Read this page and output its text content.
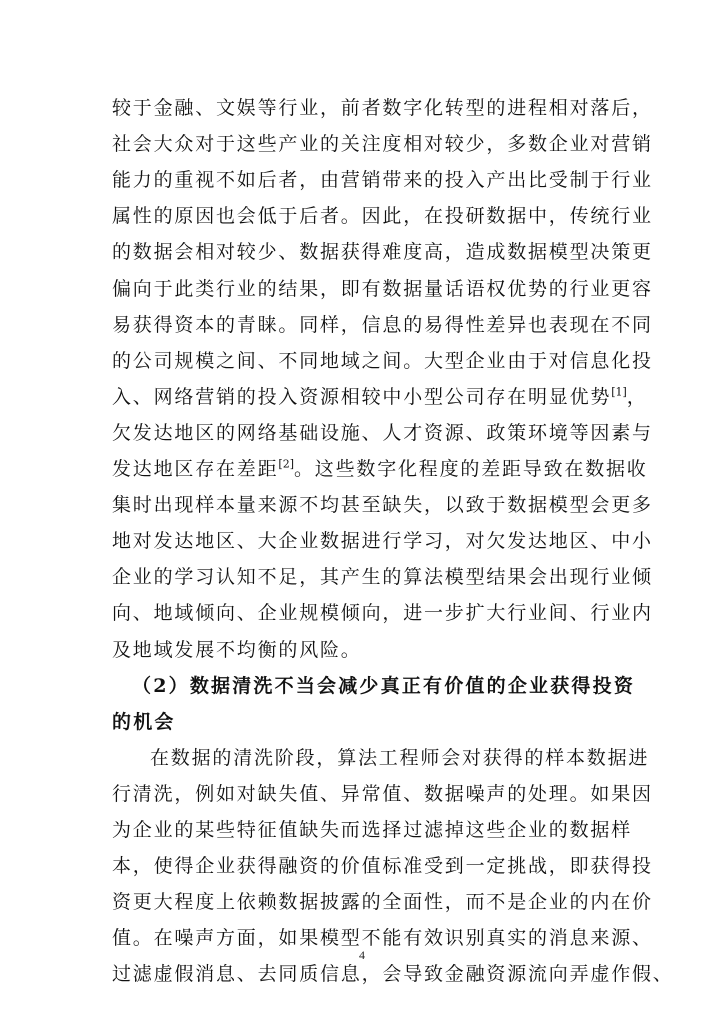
较于金融、文娱等行业，前者数字化转型的进程相对落后，
社会大众对于这些产业的关注度相对较少，多数企业对营销
能力的重视不如后者，由营销带来的投入产出比受制于行业
属性的原因也会低于后者。因此，在投研数据中，传统行业
的数据会相对较少、数据获得难度高，造成数据模型决策更
偏向于此类行业的结果，即有数据量话语权优势的行业更容
易获得资本的青睐。同样，信息的易得性差异也表现在不同
的公司规模之间、不同地域之间。大型企业由于对信息化投
入、网络营销的投入资源相较中小型公司存在明显优势[1]，
欠发达地区的网络基础设施、人才资源、政策环境等因素与
发达地区存在差距[2]。这些数字化程度的差距导致在数据收
集时出现样本量来源不均甚至缺失，以致于数据模型会更多
地对发达地区、大企业数据进行学习，对欠发达地区、中小
企业的学习认知不足，其产生的算法模型结果会出现行业倾
向、地域倾向、企业规模倾向，进一步扩大行业间、行业内
及地域发展不均衡的风险。
（2）数据清洗不当会减少真正有价值的企业获得投资
的机会
在数据的清洗阶段，算法工程师会对获得的样本数据进
行清洗，例如对缺失值、异常值、数据噪声的处理。如果因
为企业的某些特征值缺失而选择过滤掉这些企业的数据样
4
本，使得企业获得融资的价值标准受到一定挑战，即获得投
资更大程度上依赖数据披露的全面性，而不是企业的内在价
值。在噪声方面，如果模型不能有效识别真实的消息来源、
过滤虚假消息、去同质信息，会导致金融资源流向弄虚作假、
